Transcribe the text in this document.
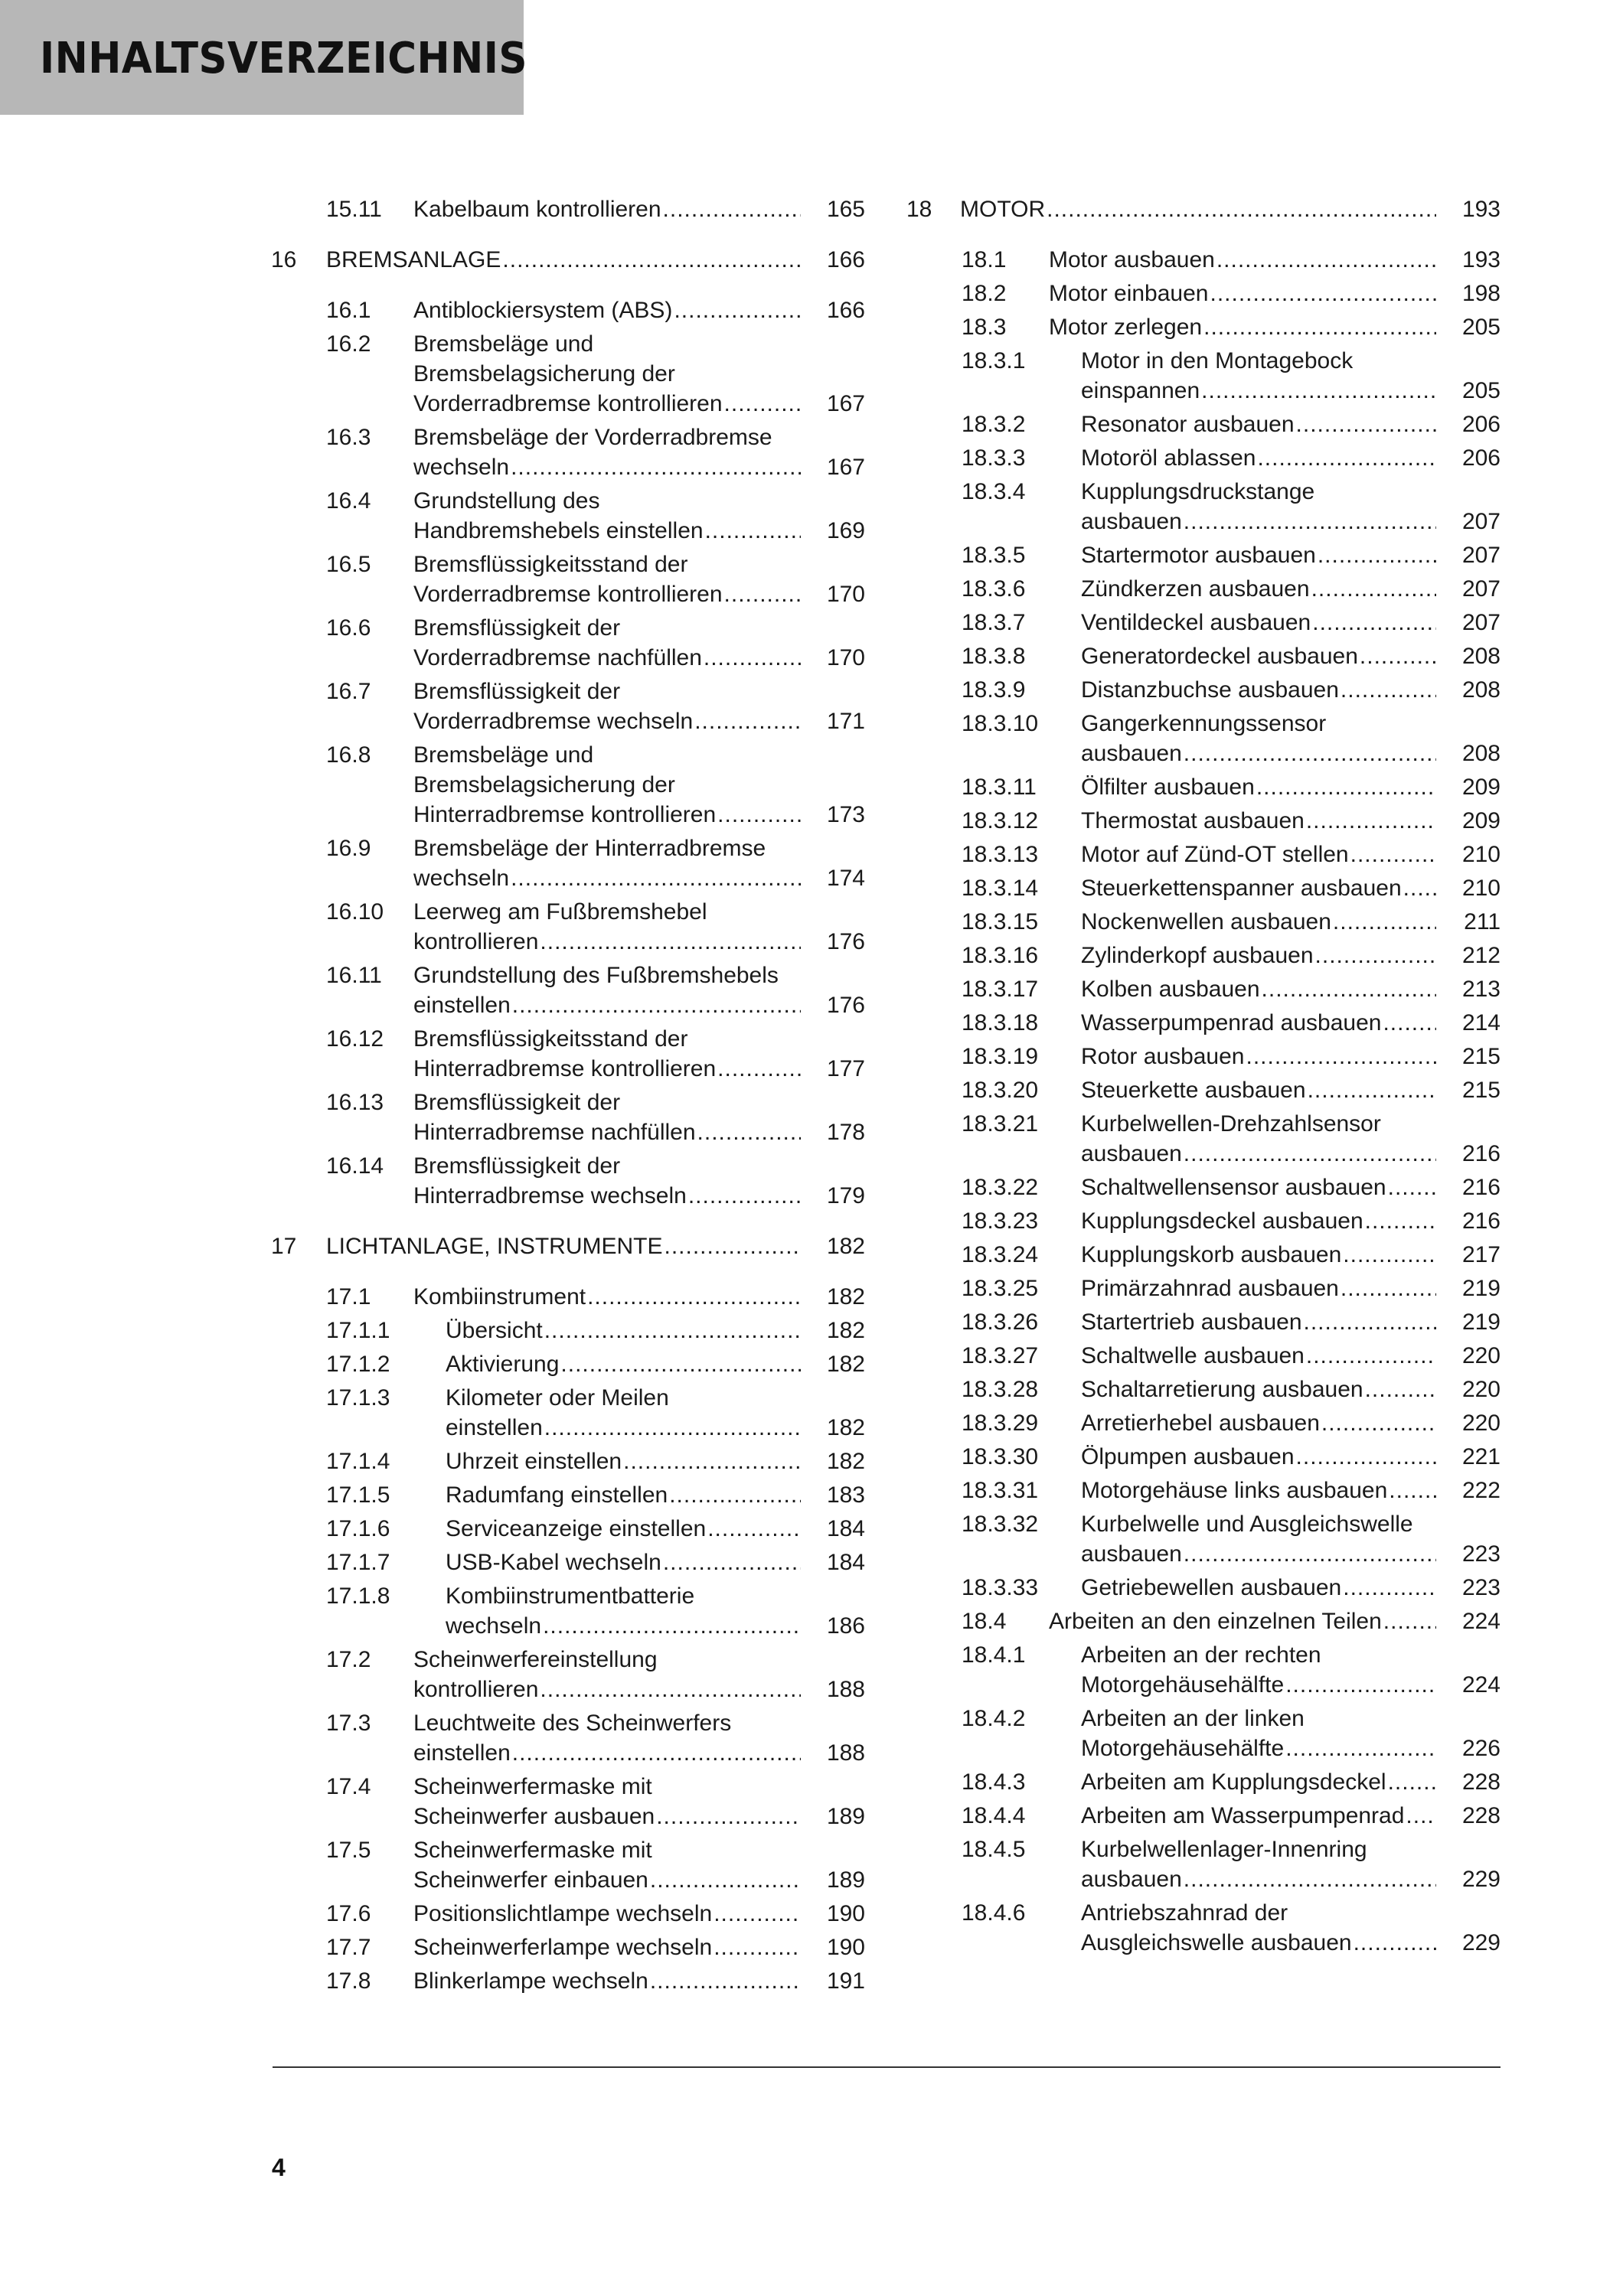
INHALTSVERZEICHNIS
15.11 Kabelbaum kontrollieren .....	165
16 BREMSANLAGE .....	166
16.1 Antiblockiersystem (ABS) .....	166
16.2 Bremsbeläge und
Bremsbelagsicherung der
Vorderradbremse kontrollieren .....	167
16.3 Bremsbeläge der Vorderradbremse
wechseln .....	167
16.4 Grundstellung des
Handbremshebels einstellen .....	169
16.5 Bremsflüssigkeitsstand der
Vorderradbremse kontrollieren .....	170
16.6 Bremsflüssigkeit der
Vorderradbremse nachfüllen .....	170
16.7 Bremsflüssigkeit der
Vorderradbremse wechseln .....	171
16.8 Bremsbeläge und
Bremsbelagsicherung der
Hinterradbremse kontrollieren .....	173
16.9 Bremsbeläge der Hinterradbremse
wechseln .....	174
16.10 Leerweg am Fußbremshebel
kontrollieren .....	176
16.11 Grundstellung des Fußbremshebels
einstellen .....	176
16.12 Bremsflüssigkeitsstand der
Hinterradbremse kontrollieren .....	177
16.13 Bremsflüssigkeit der
Hinterradbremse nachfüllen .....	178
16.14 Bremsflüssigkeit der
Hinterradbremse wechseln .....	179
17 LICHTANLAGE, INSTRUMENTE .....	182
17.1 Kombiinstrument .....	182
17.1.1 Übersicht .....	182
17.1.2 Aktivierung .....	182
17.1.3 Kilometer oder Meilen
einstellen .....	182
17.1.4 Uhrzeit einstellen .....	182
17.1.5 Radumfang einstellen .....	183
17.1.6 Serviceanzeige einstellen .....	184
17.1.7 USB-Kabel wechseln .....	184
17.1.8 Kombiinstrumentbatterie
wechseln .....	186
17.2 Scheinwerfereinstellung
kontrollieren .....	188
17.3 Leuchtweite des Scheinwerfers
einstellen .....	188
17.4 Scheinwerfermaske mit
Scheinwerfer ausbauen .....	189
17.5 Scheinwerfermaske mit
Scheinwerfer einbauen .....	189
17.6 Positionslichtlampe wechseln .....	190
17.7 Scheinwerferlampe wechseln .....	190
17.8 Blinkerlampe wechseln .....	191
18 MOTOR .....	193
18.1 Motor ausbauen .....	193
18.2 Motor einbauen .....	198
18.3 Motor zerlegen .....	205
18.3.1 Motor in den Montagebock
einspannen .....	205
18.3.2 Resonator ausbauen .....	206
18.3.3 Motoröl ablassen .....	206
18.3.4 Kupplungsdruckstange
ausbauen .....	207
18.3.5 Startermotor ausbauen .....	207
18.3.6 Zündkerzen ausbauen .....	207
18.3.7 Ventildeckel ausbauen .....	207
18.3.8 Generatordeckel ausbauen .....	208
18.3.9 Distanzbuchse ausbauen .....	208
18.3.10 Gangerkennungssensor
ausbauen .....	208
18.3.11 Ölfilter ausbauen .....	209
18.3.12 Thermostat ausbauen .....	209
18.3.13 Motor auf Zünd-OT stellen .....	210
18.3.14 Steuerkettenspanner ausbauen .....	210
18.3.15 Nockenwellen ausbauen .....	211
18.3.16 Zylinderkopf ausbauen .....	212
18.3.17 Kolben ausbauen .....	213
18.3.18 Wasserpumpenrad ausbauen .....	214
18.3.19 Rotor ausbauen .....	215
18.3.20 Steuerkette ausbauen .....	215
18.3.21 Kurbelwellen-Drehzahlsensor
ausbauen .....	216
18.3.22 Schaltwellensensor ausbauen .....	216
18.3.23 Kupplungsdeckel ausbauen .....	216
18.3.24 Kupplungskorb ausbauen .....	217
18.3.25 Primärzahnrad ausbauen .....	219
18.3.26 Startertrieb ausbauen .....	219
18.3.27 Schaltwelle ausbauen .....	220
18.3.28 Schaltarretierung ausbauen .....	220
18.3.29 Arretierhebel ausbauen .....	220
18.3.30 Ölpumpen ausbauen .....	221
18.3.31 Motorgehäuse links ausbauen .....	222
18.3.32 Kurbelwelle und Ausgleichswelle
ausbauen .....	223
18.3.33 Getriebewellen ausbauen .....	223
18.4 Arbeiten an den einzelnen Teilen .....	224
18.4.1 Arbeiten an der rechten
Motorgehäusehälfte .....	224
18.4.2 Arbeiten an der linken
Motorgehäusehälfte .....	226
18.4.3 Arbeiten am Kupplungsdeckel .....	228
18.4.4 Arbeiten am Wasserpumpenrad .....	228
18.4.5 Kurbelwellenlager-Innenring
ausbauen .....	229
18.4.6 Antriebszahnrad der
Ausgleichswelle ausbauen .....	229
4
